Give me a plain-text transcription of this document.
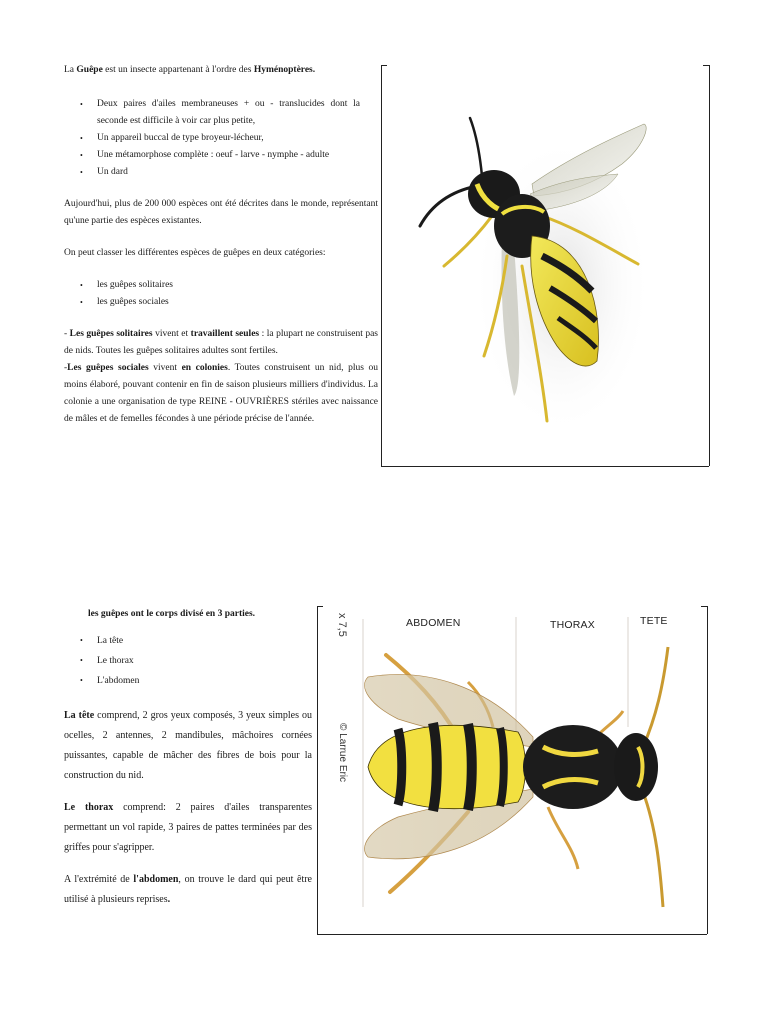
La Guêpe est un insecte appartenant à l'ordre des Hyménoptères.

• Deux paires d'ailes membraneuses + ou - translucides dont la seconde est difficile à voir car plus petite,
• Un appareil buccal de type broyeur-lécheur,
• Une métamorphose complète : oeuf - larve - nymphe - adulte
• Un dard

Aujourd'hui, plus de 200 000 espèces ont été décrites dans le monde, représentant qu'une partie des espèces existantes.

On peut classer les différentes espèces de guêpes en deux catégories:

• les guêpes solitaires
• les guêpes sociales

- Les guêpes solitaires vivent et travaillent seules : la plupart ne construisent pas de nids. Toutes les guêpes solitaires adultes sont fertiles.

-Les guêpes sociales vivent en colonies. Toutes construisent un nid, plus ou moins élaboré, pouvant contenir en fin de saison plusieurs milliers d'individus. La colonie a une organisation de type REINE - OUVRIÈRES stériles avec naissance de mâles et de femelles fécondes à une période précise de l'année.

les guêpes ont le corps divisé en 3 parties.

• La tête
• Le thorax
• L'abdomen

La tête comprend, 2 gros yeux composés, 3 yeux simples ou ocelles, 2 antennes, 2 mandibules, mâchoires cornées puissantes, capable de mâcher des fibres de bois pour la construction du nid.

Le thorax comprend: 2 paires d'ailes transparentes permettant un vol rapide, 3 paires de pattes terminées par des griffes pour s'agripper.

A l'extrémité de l'abdomen, on trouve le dard qui peut être utilisé à plusieurs reprises.

ABDOMEN	THORAX	TETE
x 7,5
© Larrue Eric
